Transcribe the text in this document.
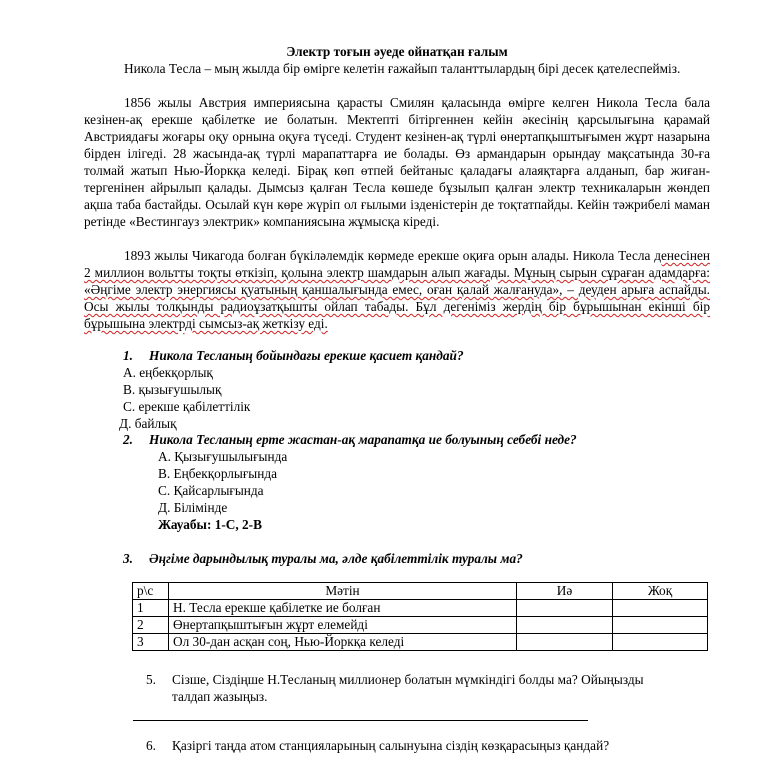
Электр тоғын әуеде ойнатқан ғалым

Никола Тесла – мың жылда бір өмірге келетін ғажайып таланттылардың бірі десек қателеспейміз.

1856 жылы Австрия империясына қарасты Смилян қаласында өмірге келген Никола Тесла бала кезінен-ақ ерекше қабілетке ие болатын. Мектепті бітіргеннен кейін әкесінің қарсылығына қарамай Австриядағы жоғары оқу орнына оқуға түседі. Студент кезінен-ақ түрлі өнертапқыштығымен жұрт назарына бірден ілігеді. 28 жасында-ақ түрлі марапаттарға ие болады. Өз армандарын орындау мақсатында 30-ға толмай жатып Нью-Йоркқа келеді. Бірақ көп өтпей бейтаныс қаладағы алаяқтарға алданып, бар жиған-тергенінен айрылып қалады. Дымсыз қалған Тесла көшеде бұзылып қалған электр техникаларын жөндеп ақша таба бастайды. Осылай күн көре жүріп ол ғылыми ізденістерін де тоқтатпайды. Кейін тәжрибелі маман ретінде «Вестингауз электрик» компаниясына жұмысқа кіреді.

1893 жылы Чикагода болған бүкіләлемдік көрмеде ерекше оқиға орын алады. Никола Тесла денесінен 2 миллион вольтты тоқты өткізіп, қолына электр шамдарын алып жағады. Мұның сырын сұраған адамдарға: «Әңгіме электр энергиясы қуатының қаншалығында емес, оған қалай жалғануда», – деуден арыға аспайды. Осы жылы толқынды радиоұзатқышты ойлап табады. Бұл дегеніміз жердің бір бұрышынан екінші бір бұрышына электрді сымсыз-ақ жеткізу еді.

1. Никола Тесланың бойындағы ерекше қасиет қандай?
А. еңбекқорлық
В. қызығушылық
С. ерекше қабілеттілік
Д. байлық
2. Никола Тесланың ерте жастан-ақ марапатқа ие болуының себебі неде?
А. Қызығушылығында
В. Еңбекқорлығында
С. Қайсарлығында
Д. Білімінде
Жауабы: 1-С, 2-В
3. Әңгіме дарындылық туралы ма, әлде қабілеттілік туралы ма?
р\с	Мәтін	Иә	Жоқ
1	Н. Тесла ерекше қабілетке ие болған		
2	Өнертапқыштығын жұрт елемейді		
3	Ол 30-дан асқан соң, Нью-Йоркқа келеді		
5. Сізше, Сіздіңше Н.Тесланың миллионер болатын мүмкіндігі болды ма? Ойыңызды
талдап жазыңыз.
6. Қазіргі таңда атом станцияларының салынуына сіздің көзқарасыңыз қандай?
